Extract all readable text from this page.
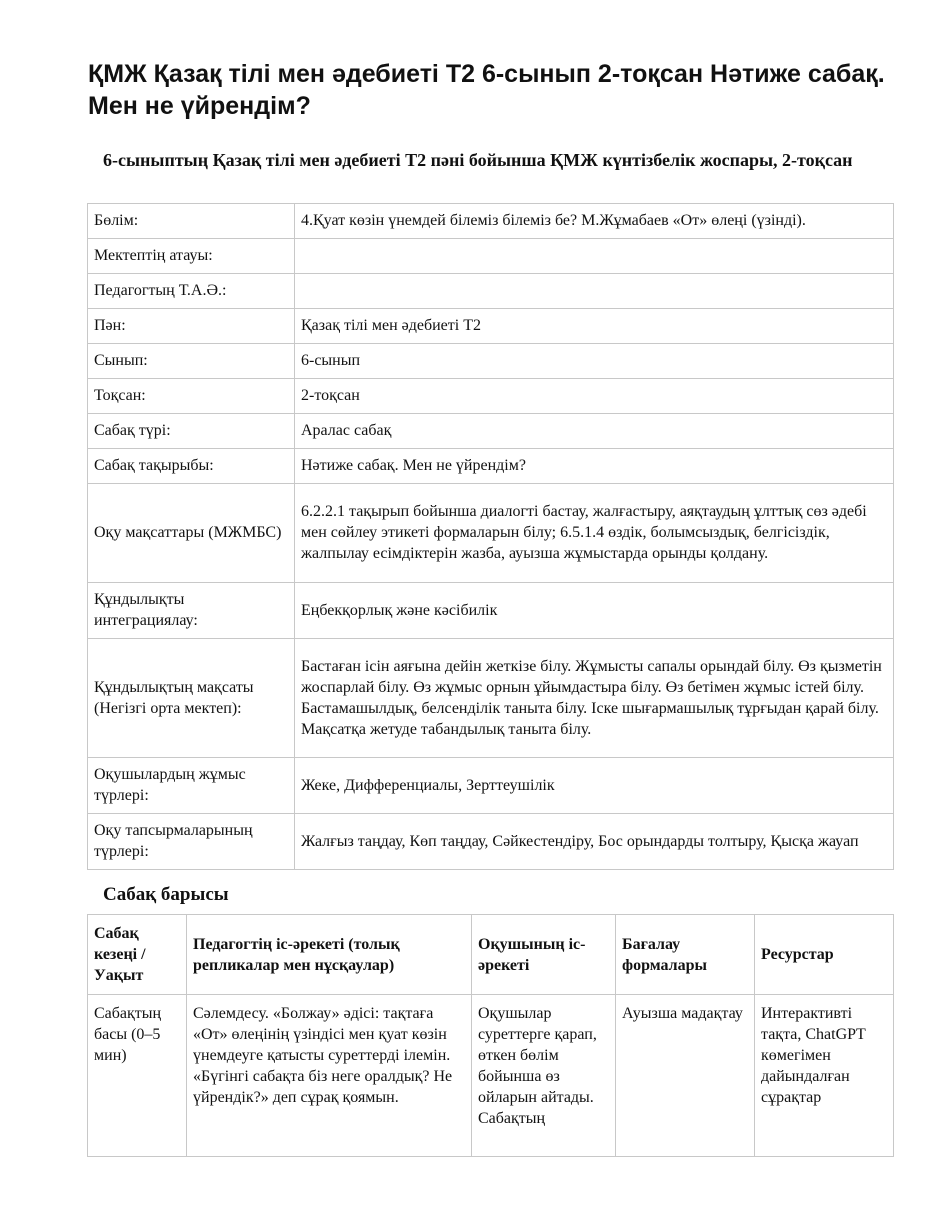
ҚМЖ Қазақ тілі мен әдебиеті Т2 6-сынып 2-тоқсан Нәтиже сабақ. Мен не үйрендім?
6-сыныптың Қазақ тілі мен әдебиеті Т2 пәні бойынша ҚМЖ күнтізбелік жоспары, 2-тоқсан
Бөлім:	4.Қуат көзін үнемдей білеміз білеміз бе? М.Жұмабаев «От» өлеңі (үзінді).
Мектептің атауы:	
Педагогтың Т.А.Ә.:	
Пән:	Қазақ тілі мен әдебиеті Т2
Сынып:	6-сынып
Тоқсан:	2-тоқсан
Сабақ түрі:	Аралас сабақ
Сабақ тақырыбы:	Нәтиже сабақ. Мен не үйрендім?
Оқу мақсаттары (МЖМБС)	6.2.2.1 тақырып бойынша диалогті бастау, жалғастыру, аяқтаудың ұлттық сөз әдебі мен сөйлеу этикеті формаларын білу; 6.5.1.4 өздік, болымсыздық, белгісіздік, жалпылау есімдіктерін жазба, ауызша жұмыстарда орынды қолдану.
Құндылықты интеграциялау:	Еңбекқорлық және кәсібилік
Құндылықтың мақсаты (Негізгі орта мектеп):	Бастаған ісін аяғына дейін жеткізе білу. Жұмысты сапалы орындай білу. Өз қызметін жоспарлай білу. Өз жұмыс орнын ұйымдастыра білу. Өз бетімен жұмыс істей білу. Бастамашылдық, белсенділік таныта білу. Іске шығармашылық тұрғыдан қарай білу. Мақсатқа жетуде табандылық таныта білу.
Оқушылардың жұмыс түрлері:	Жеке, Дифференциалы, Зерттеушілік
Оқу тапсырмаларының түрлері:	Жалғыз таңдау, Көп таңдау, Сәйкестендіру, Бос орындарды толтыру, Қысқа жауап
Сабақ барысы
Сабақ кезеңі / Уақыт	Педагогтің іс-әрекеті (толық репликалар мен нұсқаулар)	Оқушының іс-әрекеті	Бағалау формалары	Ресурстар
Сабақтың басы (0–5 мин)	Сәлемдесу. «Болжау» әдісі: тақтаға «От» өлеңінің үзіндісі мен қуат көзін үнемдеуге қатысты суреттерді ілемін. «Бүгінгі сабақта біз неге оралдық? Не үйрендік?» деп сұрақ қоямын.	Оқушылар суреттерге қарап, өткен бөлім бойынша өз ойларын айтады. Сабақтың	Ауызша мадақтау	Интерактивті тақта, ChatGPT көмегімен дайындалған сұрақтар
